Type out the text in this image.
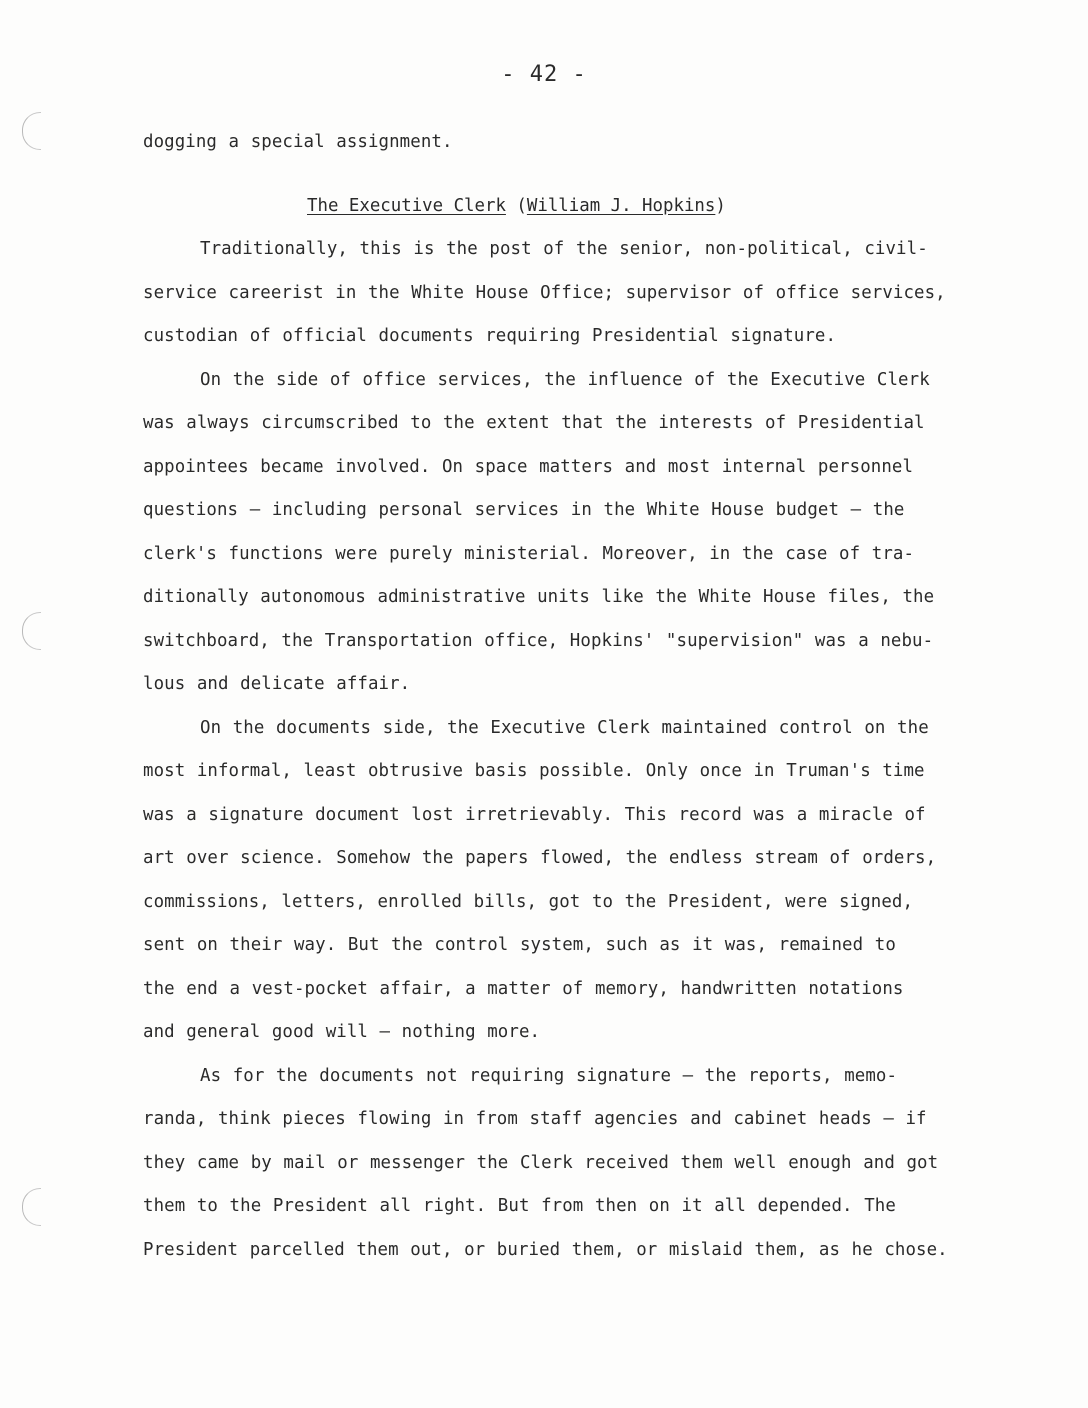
- 42 -
dogging a special assignment.
The Executive Clerk (William J. Hopkins)
Traditionally, this is the post of the senior, non-political, civil-
service careerist in the White House Office; supervisor of office services,
custodian of official documents requiring Presidential signature.
On the side of office services, the influence of the Executive Clerk
was always circumscribed to the extent that the interests of Presidential
appointees became involved. On space matters and most internal personnel
questions — including personal services in the White House budget — the
clerk's functions were purely ministerial. Moreover, in the case of tra-
ditionally autonomous administrative units like the White House files, the
switchboard, the Transportation office, Hopkins' "supervision" was a nebu-
lous and delicate affair.
On the documents side, the Executive Clerk maintained control on the
most informal, least obtrusive basis possible. Only once in Truman's time
was a signature document lost irretrievably. This record was a miracle of
art over science. Somehow the papers flowed, the endless stream of orders,
commissions, letters, enrolled bills, got to the President, were signed,
sent on their way. But the control system, such as it was, remained to
the end a vest-pocket affair, a matter of memory, handwritten notations
and general good will — nothing more.
As for the documents not requiring signature — the reports, memo-
randa, think pieces flowing in from staff agencies and cabinet heads — if
they came by mail or messenger the Clerk received them well enough and got
them to the President all right. But from then on it all depended. The
President parcelled them out, or buried them, or mislaid them, as he chose.
